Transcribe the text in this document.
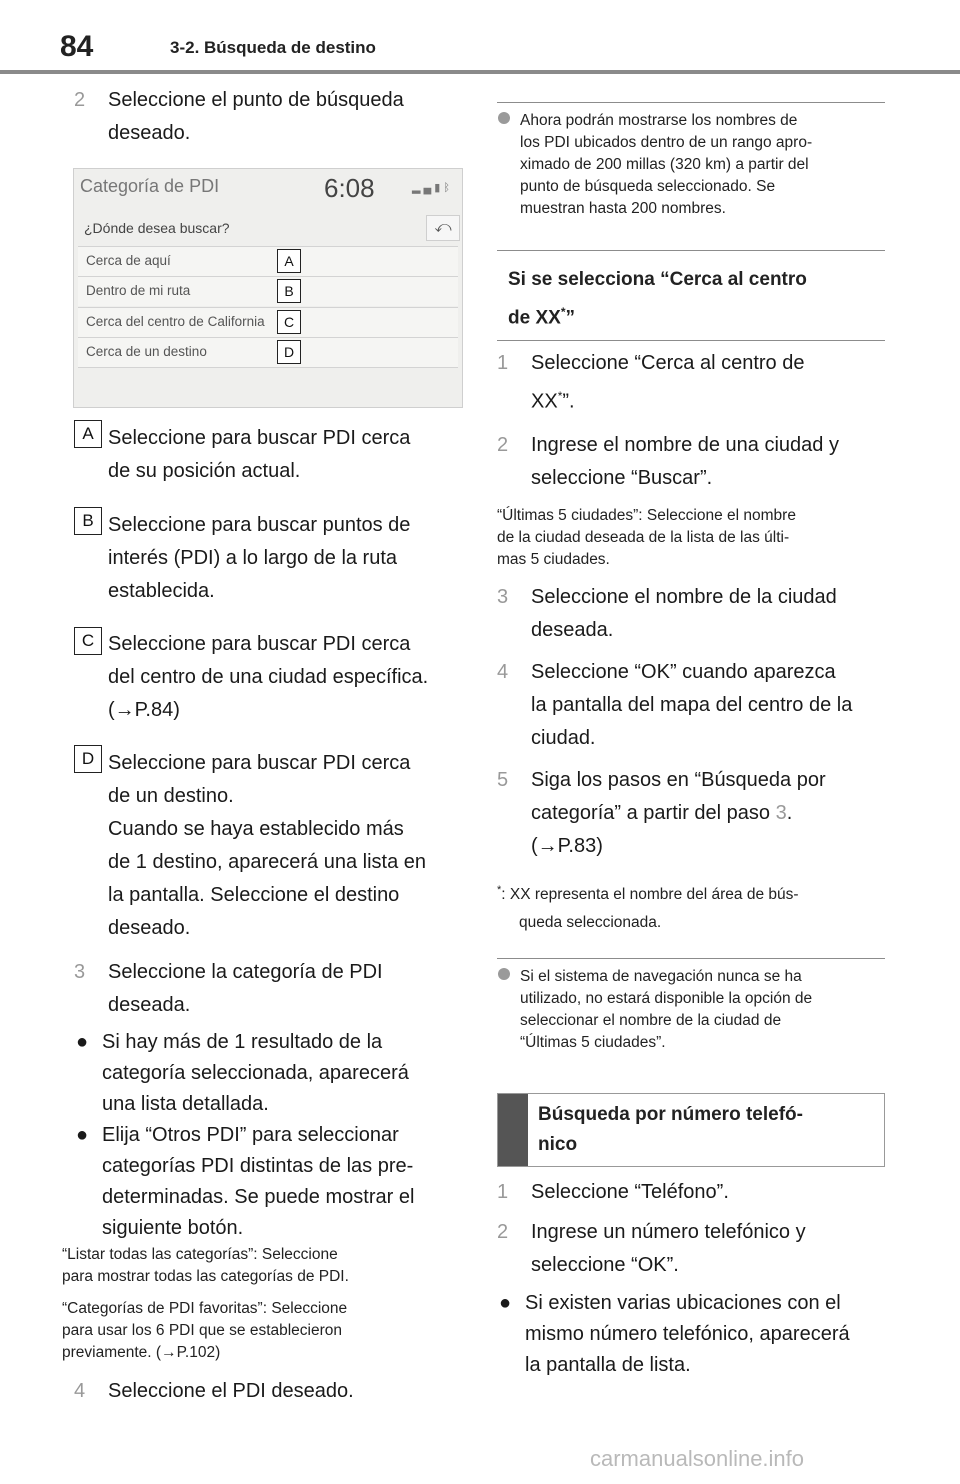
84	3-2. Búsqueda de destino
2 Seleccione el punto de búsqueda deseado.
Categoría de PDI	6:08	▂▄▮ᛒ
¿Dónde desea buscar?	⤺
Cerca de aquí	A
Dentro de mi ruta	B
Cerca del centro de California	C
Cerca de un destino	D
A Seleccione para buscar PDI cerca
de su posición actual.
B Seleccione para buscar puntos de
interés (PDI) a lo largo de la ruta
establecida.
C Seleccione para buscar PDI cerca
del centro de una ciudad específica.
(→P.84)
D Seleccione para buscar PDI cerca
de un destino.
Cuando se haya establecido más
de 1 destino, aparecerá una lista en
la pantalla. Seleccione el destino
deseado.
3 Seleccione la categoría de PDI
deseada.
● Si hay más de 1 resultado de la
categoría seleccionada, aparecerá
una lista detallada.
● Elija “Otros PDI” para seleccionar
categorías PDI distintas de las pre-
determinadas. Se puede mostrar el
siguiente botón.
“Listar todas las categorías”: Seleccione
para mostrar todas las categorías de PDI.
“Categorías de PDI favoritas”: Seleccione
para usar los 6 PDI que se establecieron
previamente. (→P.102)
4 Seleccione el PDI deseado.
Ahora podrán mostrarse los nombres de
los PDI ubicados dentro de un rango apro-
ximado de 200 millas (320 km) a partir del
punto de búsqueda seleccionado. Se
muestran hasta 200 nombres.
Si se selecciona “Cerca al centro
de XX*”
1 Seleccione “Cerca al centro de
XX*”.
2 Ingrese el nombre de una ciudad y
seleccione “Buscar”.
“Últimas 5 ciudades”: Seleccione el nombre
de la ciudad deseada de la lista de las últi-
mas 5 ciudades.
3 Seleccione el nombre de la ciudad
deseada.
4 Seleccione “OK” cuando aparezca
la pantalla del mapa del centro de la
ciudad.
5 Siga los pasos en “Búsqueda por
categoría” a partir del paso 3.
(→P.83)
*: XX representa el nombre del área de bús-
queda seleccionada.
Si el sistema de navegación nunca se ha
utilizado, no estará disponible la opción de
seleccionar el nombre de la ciudad de
“Últimas 5 ciudades”.
Búsqueda por número telefó-
nico
1 Seleccione “Teléfono”.
2 Ingrese un número telefónico y
seleccione “OK”.
● Si existen varias ubicaciones con el
mismo número telefónico, aparecerá
la pantalla de lista.
carmanualsonline.info
